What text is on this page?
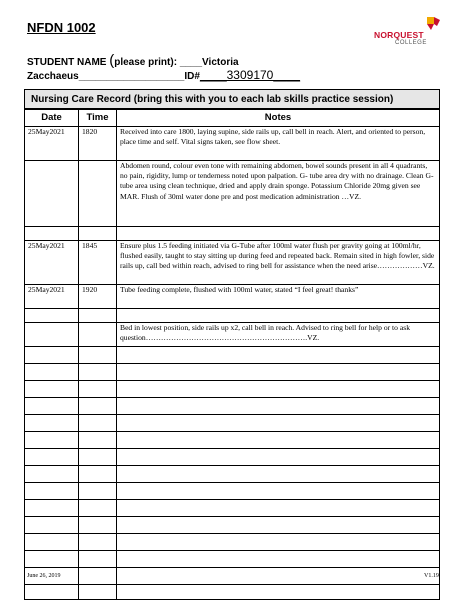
NFDN 1002	NORQUEST
COLLEGE
STUDENT NAME (please print): ____Victoria
Zacchaeus___________________ID#____3309170____
Nursing Care Record (bring this with you to each lab skills practice session)
Date	Time	Notes
25May2021	1820	Received into care 1800, laying supine, side rails up, call bell in reach. Alert, and oriented to person, place time and self. Vital signs taken, see flow sheet.
		Abdomen round, colour even tone with remaining abdomen, bowel sounds present in all 4 quadrants, no pain, rigidity, lump or tenderness noted upon palpation. G- tube area dry with no drainage. Clean G- tube area using clean technique, dried and apply drain sponge. Potassium Chloride 20mg given see MAR. Flush of 30ml water done pre and post medication administration …VZ.

25May2021	1845	Ensure plus 1.5 feeding initiated via G-Tube after 100ml water flush per gravity going at 100ml/hr, flushed easily, taught to stay sitting up during feed and repeated back. Remain sited in high fowler, side rails up, call bed within reach, advised to ring bell for assistance when the need arise………………VZ.
25May2021	1920	Tube feeding complete, flushed with 100ml water, stated “I feel great! thanks”

		Bed in lowest position, side rails up x2, call bell in reach. Advised to ring bell for help or to ask question……………………………………………………….VZ.

June 26, 2019	V1.19
